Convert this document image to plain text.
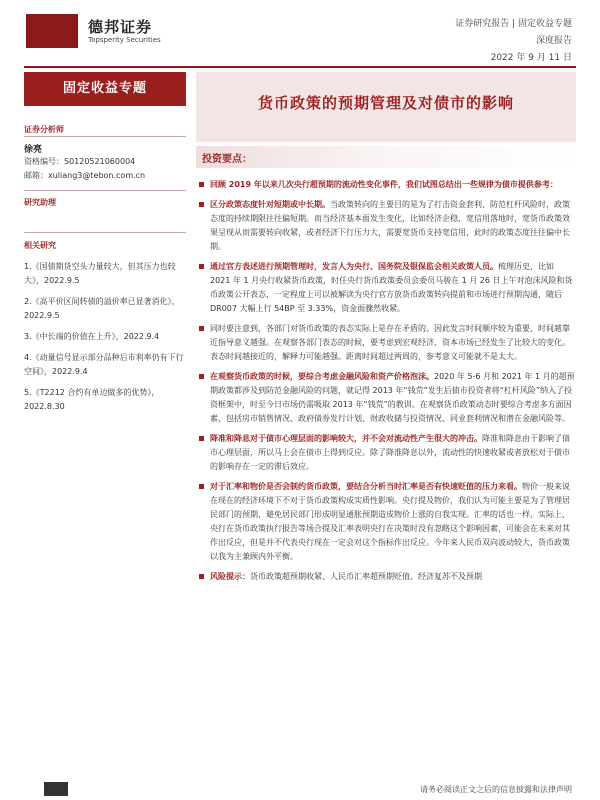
德邦证券
Topsperity Securities
证券研究报告 | 固定收益专题
深度报告
2022 年 9 月 11 日
固定收益专题
证券分析师
徐亮
资格编号：S0120521060004
邮箱：xuliang3@tebon.com.cn
研究助理
相关研究
1.《国债期货空头力量较大，但其压力也较大》，2022.9.5
2.《高平价区间转债的溢价率已显著消化》，2022.9.5
3.《中长端的价值在上升》，2022.9.4
4.《动量信号显示部分品种后市利率仍有下行空间》，2022.9.4
5.《T2212 合约有单边做多的优势》，2022.8.30
货币政策的预期管理及对债市的影响
投资要点：
回顾 2019 年以来几次央行超预期的流动性变化事件，我们试图总结出一些规律为债市提供参考：
区分政策态度针对短期或中长期。当政策转向的主要目的是为了打击资金套利、防范杠杆风险时，政策态度的持续期限往往偏短期。而当经济基本面发生变化，比如经济企稳，宽信用落地时，宽货币政策效果呈现从而需要转向收紧，或者经济下行压力大，需要宽货币支持宽信用，此时的政策态度往往偏中长期。
通过官方表述进行预期管理时，发言人为央行、国务院及银保监会相关政策人员。梳理历史，比如 2021 年 1 月央行收紧货币政策，时任央行货币政策委员会委员马骏在 1 月 26 日上午对泡沫风险和货币政策公开表态，一定程度上可以被解读为央行官方放货币政策转向提前和市场进行预期沟通，随后 DR007 大幅上行 54BP 至 3.33%，资金面骤然收紧。
同时要注意到，各部门对货币政策的表态实际上是存在矛盾的。因此发言时间顺序较为重要，时间越靠近指导意义越强。在观察各部门表态的时候，要考虑到宏观经济、资本市场已经发生了比较大的变化。表态时间越接近的，解释力可能越强。距离时间超过两周的，参考意义可能就不是太大。
在观察货币政策的时候，要综合考虑金融风险和资产价格泡沫。2020 年 5-6 月和 2021 年 1 月的超预期政策都涉及到防范金融风险的问题，就记得 2013 年“钱荒”发生后债市投资者将“杠杆风险”纳入了投资框架中，时至今日市场仍需吸取 2013 年“钱荒”的教训。在观察货币政策动态时要综合考虑多方面因素，包括房市销售情况、政府债券发行计划、财政收储与投资情况、同业套利情况和潜在金融风险等。
降准和降息对于债市心理层面的影响较大，并不会对流动性产生很大的冲击。降准和降息由于影响了债市心理层面，所以马上会在债市上得到反应。除了降准降息以外，流动性的快速收紧或者放松对于债市的影响存在一定的滞后效应。
对于汇率和物价是否会制约货币政策，要结合分析当时汇率是否有快速贬值的压力来看。物价一般来说在现在的经济环境下不对于货币政策构成实质性影响。央行提及物价，我们认为可能主要是为了管理居民部门的预期，避免居民部门形成明显通胀预期造成物价上涨的自我实现。汇率的话也一样，实际上，央行在货币政策执行报告等场合提及汇率表明央行在决策时没有忽略这个影响因素，可能会在未来对其作出反应，但是并不代表央行现在一定会对这个指标作出反应。今年来人民币双向波动较大，货币政策以我为主兼顾内外平衡。
风险提示：货币政策超预期收紧、人民币汇率超预期贬值、经济复苏不及预期
请务必阅读正文之后的信息披露和法律声明
